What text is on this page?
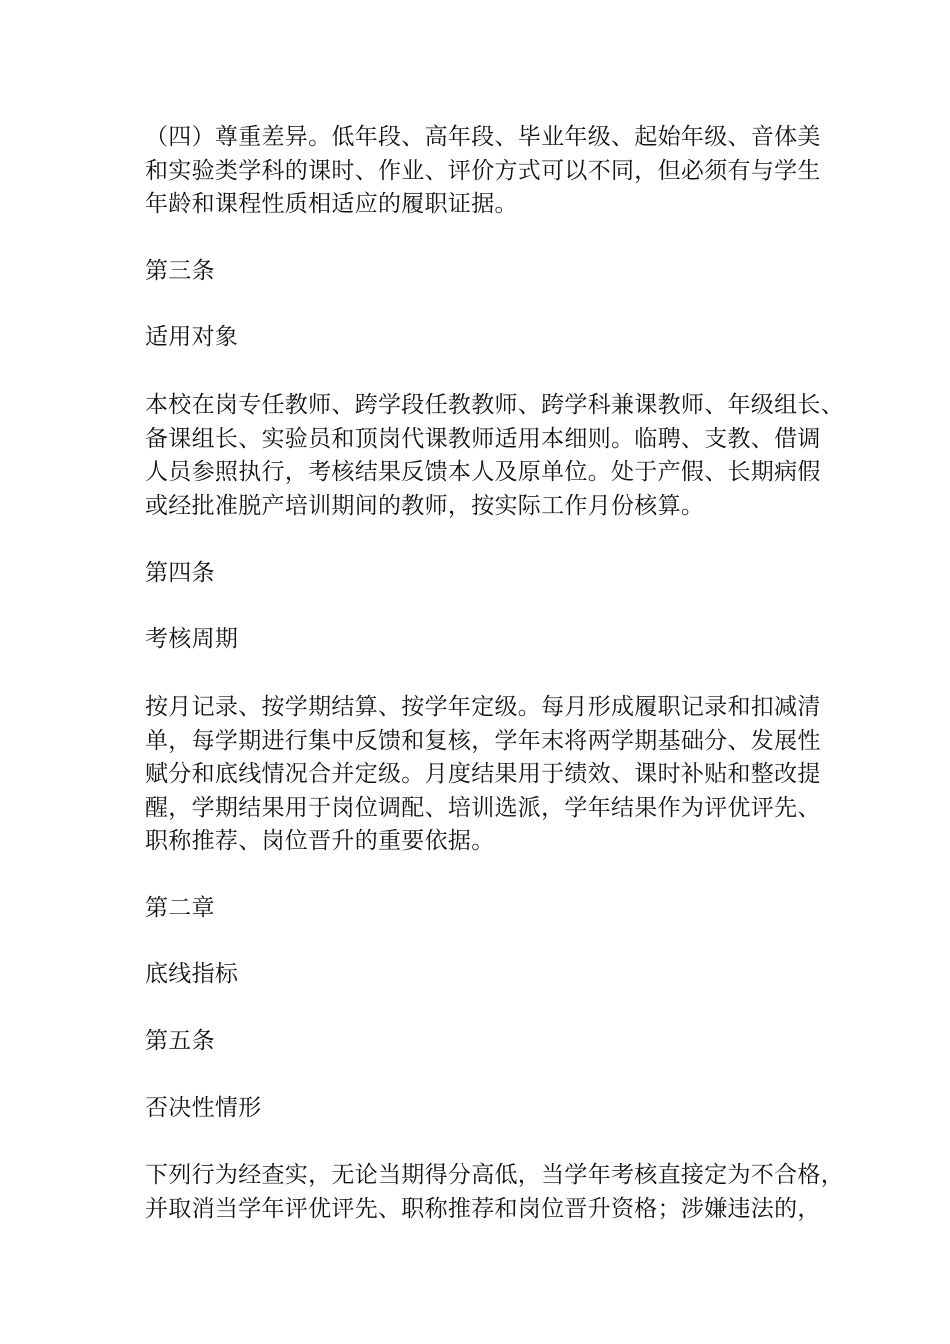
（四）尊重差异。低年段、高年段、毕业年级、起始年级、音体美
和实验类学科的课时、作业、评价方式可以不同，但必须有与学生
年龄和课程性质相适应的履职证据。
第三条
适用对象
本校在岗专任教师、跨学段任教教师、跨学科兼课教师、年级组长、
备课组长、实验员和顶岗代课教师适用本细则。临聘、支教、借调
人员参照执行，考核结果反馈本人及原单位。处于产假、长期病假
或经批准脱产培训期间的教师，按实际工作月份核算。
第四条
考核周期
按月记录、按学期结算、按学年定级。每月形成履职记录和扣减清
单，每学期进行集中反馈和复核，学年末将两学期基础分、发展性
赋分和底线情况合并定级。月度结果用于绩效、课时补贴和整改提
醒，学期结果用于岗位调配、培训选派，学年结果作为评优评先、
职称推荐、岗位晋升的重要依据。
第二章
底线指标
第五条
否决性情形
下列行为经查实，无论当期得分高低，当学年考核直接定为不合格，
并取消当学年评优评先、职称推荐和岗位晋升资格；涉嫌违法的，
